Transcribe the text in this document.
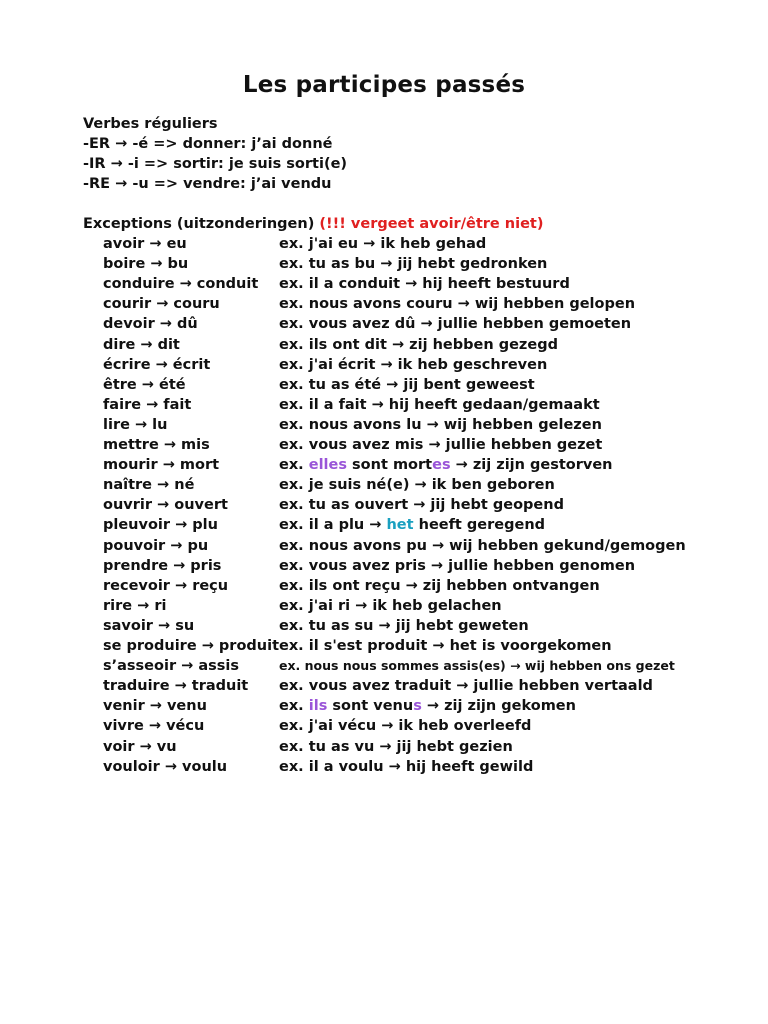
Les participes passés
Verbes réguliers
-ER → -é => donner: j’ai donné
-IR → -i => sortir: je suis sorti(e)
-RE → -u => vendre: j’ai vendu
Exceptions (uitzonderingen) (!!! vergeet avoir/être niet)
avoir → eu	ex. j'ai eu → ik heb gehad
boire → bu	ex. tu as bu → jij hebt gedronken
conduire → conduit ex. il a conduit → hij heeft bestuurd
courir → couru	ex. nous avons couru → wij hebben gelopen
devoir → dû	ex. vous avez dû → jullie hebben gemoeten
dire → dit	ex. ils ont dit → zij hebben gezegd
écrire → écrit	ex. j'ai écrit → ik heb geschreven
être → été	ex. tu as été → jij bent geweest
faire → fait	ex. il a fait → hij heeft gedaan/gemaakt
lire → lu	ex. nous avons lu → wij hebben gelezen
mettre → mis	ex. vous avez mis → jullie hebben gezet
mourir → mort	ex. elles sont mortes → zij zijn gestorven
naître → né	ex. je suis né(e) → ik ben geboren
ouvrir → ouvert	ex. tu as ouvert → jij hebt geopend
pleuvoir → plu	ex. il a plu → het heeft geregend
pouvoir → pu	ex. nous avons pu → wij hebben gekund/gemogen
prendre → pris	ex. vous avez pris → jullie hebben genomen
recevoir → reçu	ex. ils ont reçu → zij hebben ontvangen
rire → ri	ex. j'ai ri → ik heb gelachen
savoir → su	ex. tu as su → jij hebt geweten
se produire → produit ex. il s'est produit → het is voorgekomen
s’asseoir → assis	ex. nous nous sommes assis(es) → wij hebben ons gezet
traduire → traduit ex. vous avez traduit → jullie hebben vertaald
venir → venu	ex. ils sont venus → zij zijn gekomen
vivre → vécu	ex. j'ai vécu → ik heb overleefd
voir → vu	ex. tu as vu → jij hebt gezien
vouloir → voulu	ex. il a voulu → hij heeft gewild
